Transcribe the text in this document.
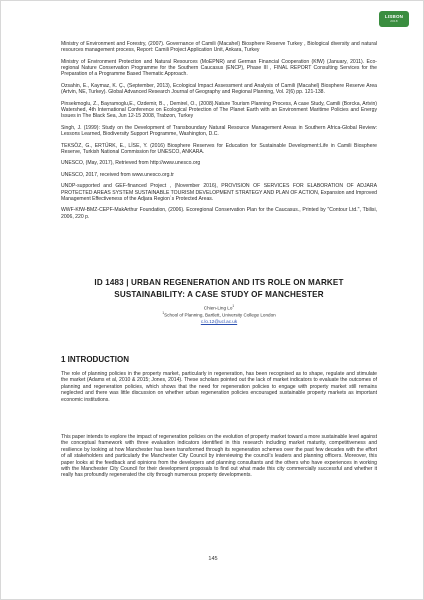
LISBON
2018

Ministry of Environment and Forestry, (2007). Governance of Camili (Macahel) Biosphere Reserve Turkey , Biological diversity and natural resources management process, Report: Camili Project Application Unit, Ankara, Turkey

Ministry of Environment Protection and Natural Resources (MoEPNR) and German Financial Cooperation (KfW) (January, 2011). Eco-regional Nature Conservation Programme for the Southern Caucasus (ENCP), Phase III , FINAL REPORT Consulting Services for the Preparation of a Programme Based Thematic Approach.

Ozsahin, E., Kaymaz, K. Ç., (September, 2013), Ecological Impact Assessment and Analysis of Camili (Macahel) Biosphere Reserve Area (Artvin, NE, Turkey). Global Advanced Research Journal of Geography and Regional Planning, Vol. 2(6) pp. 121-138.

Pinsekmoglu, Z., Bayramoglu,E., Ozdemir, B., , Demirel, O., (2008).Nature Tourism Planning Process, A case Study, Camili (Borcka, Artvin) Watershed, 4th International Conference on Ecological Protection of The Planet Earth with an Environment Maritime Policies and Energy Issues in The Black Sea, Jun 12-15 2008, Trabzon, Turkey

Singh, J. (1999): Study on the Development of Transboundary Natural Resource Management Areas in Southern Africa-Global Review: Lessons Learned, Biodiversity Support Programme, Washington, D.C.

TEKSÖZ, G., ERTÜRK, E., LİSE, Y. (2016) Biosphere Reserves for Education for Sustainable Development:Life in Camili Biosphere Reserve, Turkish National Commission for UNESCO, ANKARA.

UNESCO, (May, 2017), Retrieved from http://www.unesco.org

UNESCO, 2017, received from www.unesco.org.tr

UNDP-supported and GEF-financed Project , (November 2016), PROVISION OF SERVICES FOR ELABORATION OF ADJARA PROTECTED AREAS SYSTEM SUSTAINABLE TOURISM DEVELOPMENT STRATEGY AND PLAN OF ACTION, Expansion and Improved Management Effectiveness of the Adjara Region`s Protected Areas.

WWF-KfW-BMZ-CEPF-MakArthur Foundation, (2006). Ecoregional Conservation Plan for the Caucasus., Printed by "Contour Ltd.", Tbilisi, 2006, 220 p.

ID 1483 | URBAN REGENERATION AND ITS ROLE ON MARKET
SUSTAINABILITY: A CASE STUDY OF MANCHESTER
Chien-Ling Lo$^1$
$^1$School of Planning, Bartlett, University College London
c.lo.12@ucl.ac.uk
1 INTRODUCTION

The role of planning policies in the property market, particularly in regeneration, has been recognised as to shape, regulate and stimulate the market (Adams et al, 2010 & 2015; Jones, 2014). These scholars pointed out the lack of market indicators to evaluate the outcomes of planning and regeneration policies, which shows that the need for regeneration policies to engage with property market still remains neglected and there was little discussion on whether urban regeneration policies encouraged sustainable property markets as important economic institutions.

This paper intends to explore the impact of regeneration policies on the evolution of property market toward a more sustainable level against the conceptual framework with three evaluation indicators identified in this research including market maturity, competitiveness and resilience by looking at how Manchester has been transformed through its regeneration schemes over the past few decades with the effort of all stakeholders and particularly the Manchester City Council by interviewing the council’s leaders and planning officers. Moreover, this paper looks at the feedback and opinions from the developers and planning consultants and the others who have experiences in working with the Manchester City Council for their development proposals to find out what made this city commercially successful and whether it really has profoundly regenerated the city through numerous property developments.

145
